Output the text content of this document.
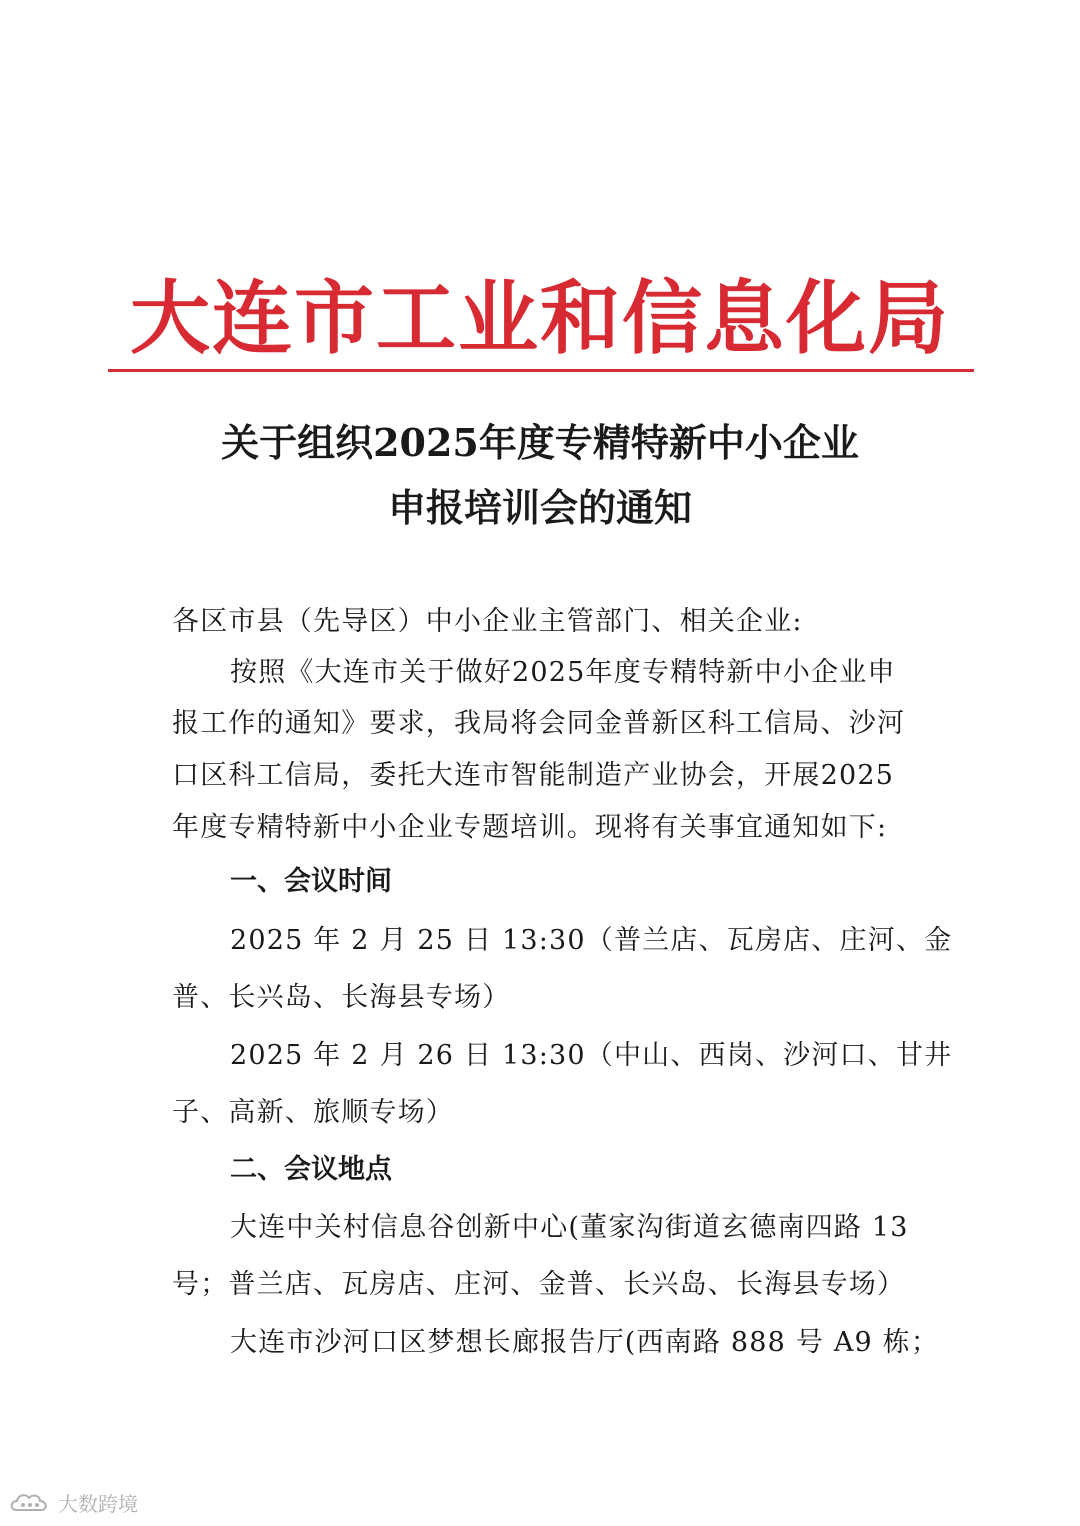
大连市工业和信息化局
关于组织2025年度专精特新中小企业
申报培训会的通知
各区市县（先导区）中小企业主管部门、相关企业:
按照《大连市关于做好2025年度专精特新中小企业申
报工作的通知》要求，我局将会同金普新区科工信局、沙河
口区科工信局，委托大连市智能制造产业协会，开展2025
年度专精特新中小企业专题培训。现将有关事宜通知如下:
一、会议时间
2025 年 2 月 25 日 13:30（普兰店、瓦房店、庄河、金
普、长兴岛、长海县专场）
2025 年 2 月 26 日 13:30（中山、西岗、沙河口、甘井
子、高新、旅顺专场）
二、会议地点
大连中关村信息谷创新中心(董家沟街道玄德南四路 13
号；普兰店、瓦房店、庄河、金普、长兴岛、长海县专场）
大连市沙河口区梦想长廊报告厅(西南路 888 号 A9 栋；
大数跨境
